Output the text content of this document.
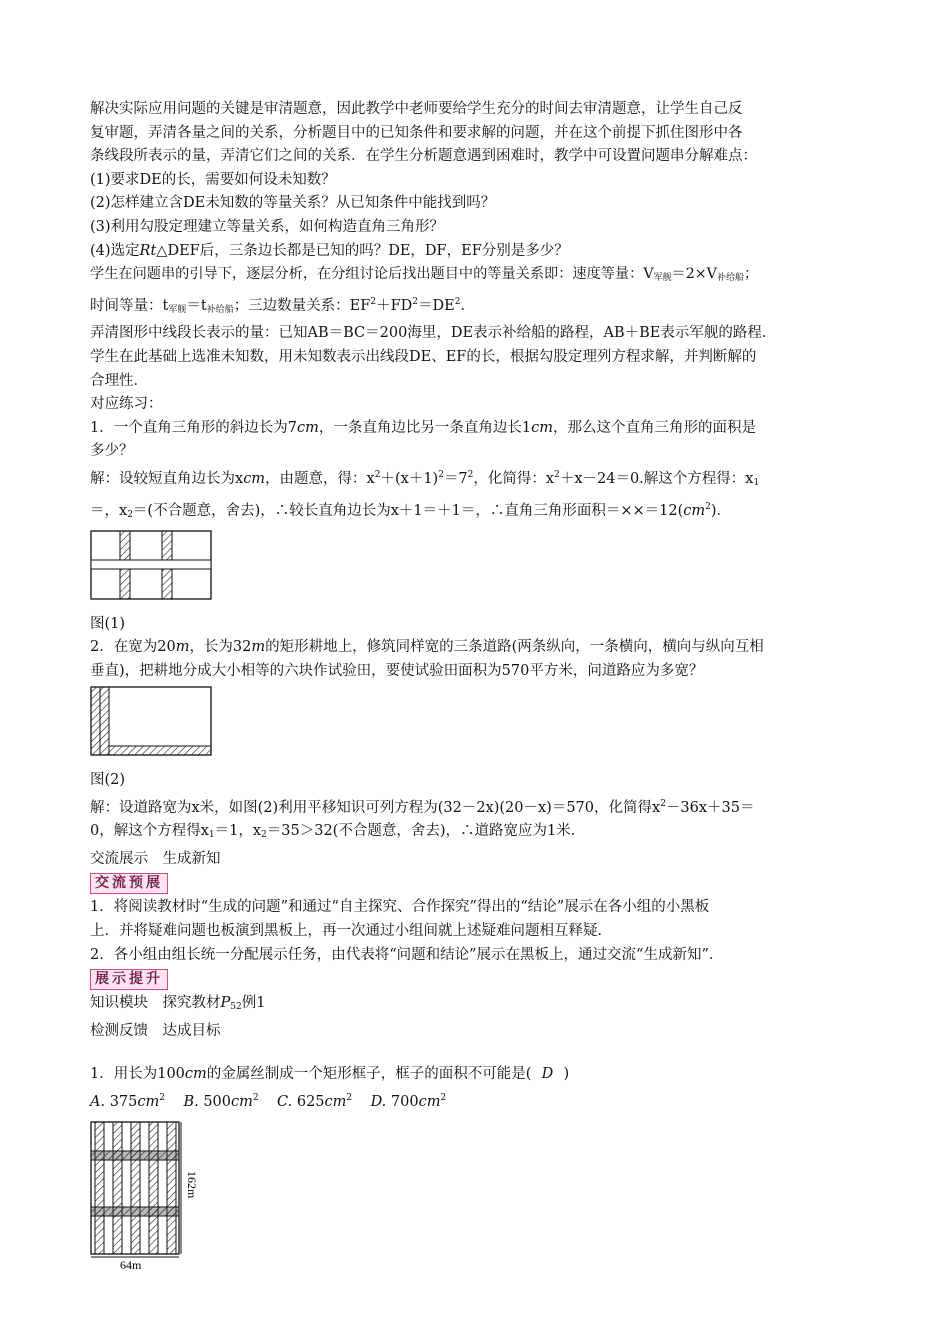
解决实际应用问题的关键是审清题意，因此教学中老师要给学生充分的时间去审清题意，让学生自己反

复审题，弄清各量之间的关系，分析题目中的已知条件和要求解的问题，并在这个前提下抓住图形中各

条线段所表示的量，弄清它们之间的关系．在学生分析题意遇到困难时，教学中可设置问题串分解难点：

(1)要求DE的长，需要如何设未知数？

(2)怎样建立含DE未知数的等量关系？从已知条件中能找到吗？

(3)利用勾股定理建立等量关系，如何构造直角三角形？

(4)选定Rt△DEF后，三条边长都是已知的吗？DE，DF，EF分别是多少？

学生在问题串的引导下，逐层分析，在分组讨论后找出题目中的等量关系即：速度等量：$V_{军舰}=2\times V_{补给船}$；

时间等量：$t_{军舰}=t_{补给船}$；三边数量关系：$EF^2+FD^2=DE^2$．

弄清图形中线段长表示的量：已知AB＝BC＝200海里，DE表示补给船的路程，AB＋BE表示军舰的路程．

学生在此基础上选准未知数，用未知数表示出线段DE、EF的长，根据勾股定理列方程求解，并判断解的

合理性．

对应练习：

1．一个直角三角形的斜边长为7cm，一条直角边比另一条直角边长1cm，那么这个直角三角形的面积是

多少？

解：设较短直角边长为xcm，由题意，得：$x^2+(x+1)^2=7^2$，化简得：$x^2+x-24=0$.解这个方程得：$x_1$

＝，$x_2=$(不合题意，舍去)，∴较长直角边长为x＋1＝＋1＝，∴直角三角形面积$=\times\times=12(cm^2)$．

图(1)

2．在宽为20m，长为32m的矩形耕地上，修筑同样宽的三条道路(两条纵向，一条横向，横向与纵向互相

垂直)，把耕地分成大小相等的六块作试验田，要使试验田面积为570平方米，问道路应为多宽？

图(2)

解：设道路宽为x米，如图(2)利用平移知识可列方程为(32－2x)(20－x)＝570，化简得$x^2-36x+35=$

0，解这个方程得$x_1=1$，$x_2=35>32$(不合题意，舍去)，∴道路宽应为1米．

交流展示　生成新知

交流预展

1．将阅读教材时“生成的问题”和通过“自主探究、合作探究”得出的“结论”展示在各小组的小黑板

上．并将疑难问题也板演到黑板上，再一次通过小组间就上述疑难问题相互释疑．

2．各小组由组长统一分配展示任务，由代表将“问题和结论”展示在黑板上，通过交流“生成新知”．

展示提升

知识模块　探究教材$P_{52}$例1

检测反馈　达成目标

1．用长为100cm的金属丝制成一个矩形框子，框子的面积不可能是( D )

A. $375cm^2$ B. $500cm^2$ C. $625cm^2$ D. $700cm^2$

162m
64m
